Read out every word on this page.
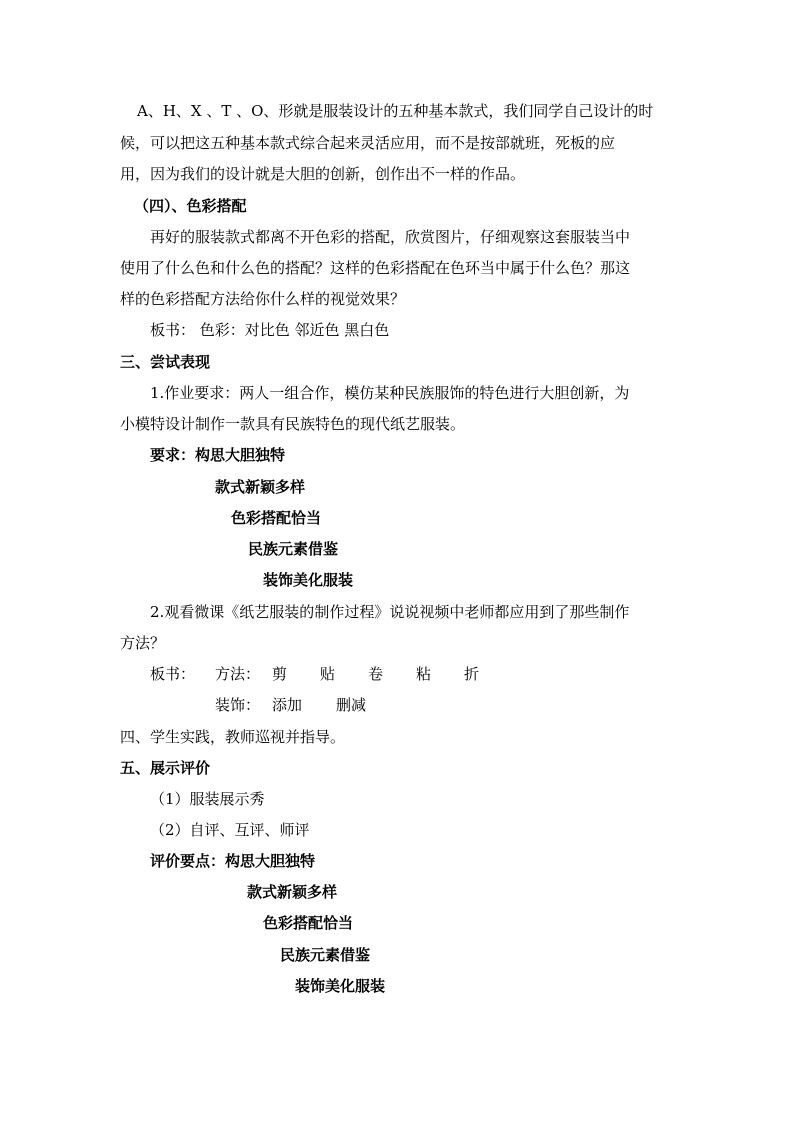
A、H、X 、T 、O、形就是服装设计的五种基本款式，我们同学自己设计的时
候，可以把这五种基本款式综合起来灵活应用，而不是按部就班，死板的应
用，因为我们的设计就是大胆的创新，创作出不一样的作品。
（四）、色彩搭配
再好的服装款式都离不开色彩的搭配，欣赏图片，仔细观察这套服装当中
使用了什么色和什么色的搭配？这样的色彩搭配在色环当中属于什么色？那这
样的色彩搭配方法给你什么样的视觉效果？
板书： 色彩：对比色 邻近色 黑白色
三、尝试表现
1.作业要求：两人一组合作，模仿某种民族服饰的特色进行大胆创新，为
小模特设计制作一款具有民族特色的现代纸艺服装。
要求：构思大胆独特
款式新颖多样
色彩搭配恰当
民族元素借鉴
装饰美化服装
2.观看微课《纸艺服装的制作过程》说说视频中老师都应用到了那些制作
方法？
板书： 方法： 剪 贴 卷 粘 折
装饰： 添加 删减
四、学生实践，教师巡视并指导。
五、展示评价
（1）服装展示秀
（2）自评、互评、师评
评价要点：构思大胆独特
款式新颖多样
色彩搭配恰当
民族元素借鉴
装饰美化服装
